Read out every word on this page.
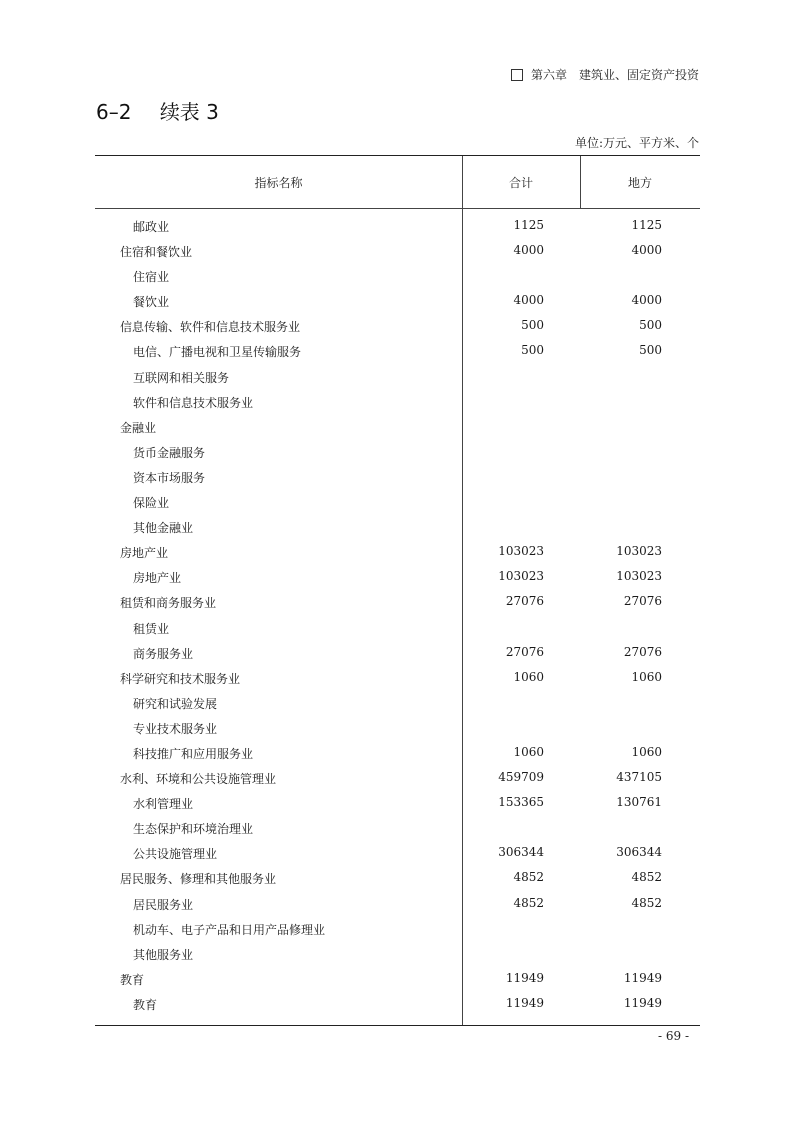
第六章 建筑业、固定资产投资
6–2 续表 3
单位:万元、平方米、个
指标名称	合计	地方
邮政业	1125	1125
住宿和餐饮业	4000	4000
住宿业
餐饮业	4000	4000
信息传输、软件和信息技术服务业	500	500
电信、广播电视和卫星传输服务	500	500
互联网和相关服务
软件和信息技术服务业
金融业
货币金融服务
资本市场服务
保险业
其他金融业
房地产业	103023	103023
房地产业	103023	103023
租赁和商务服务业	27076	27076
租赁业
商务服务业	27076	27076
科学研究和技术服务业	1060	1060
研究和试验发展
专业技术服务业
科技推广和应用服务业	1060	1060
水利、环境和公共设施管理业	459709	437105
水利管理业	153365	130761
生态保护和环境治理业
公共设施管理业	306344	306344
居民服务、修理和其他服务业	4852	4852
居民服务业	4852	4852
机动车、电子产品和日用产品修理业
其他服务业
教育	11949	11949
教育	11949	11949
- 69 -
